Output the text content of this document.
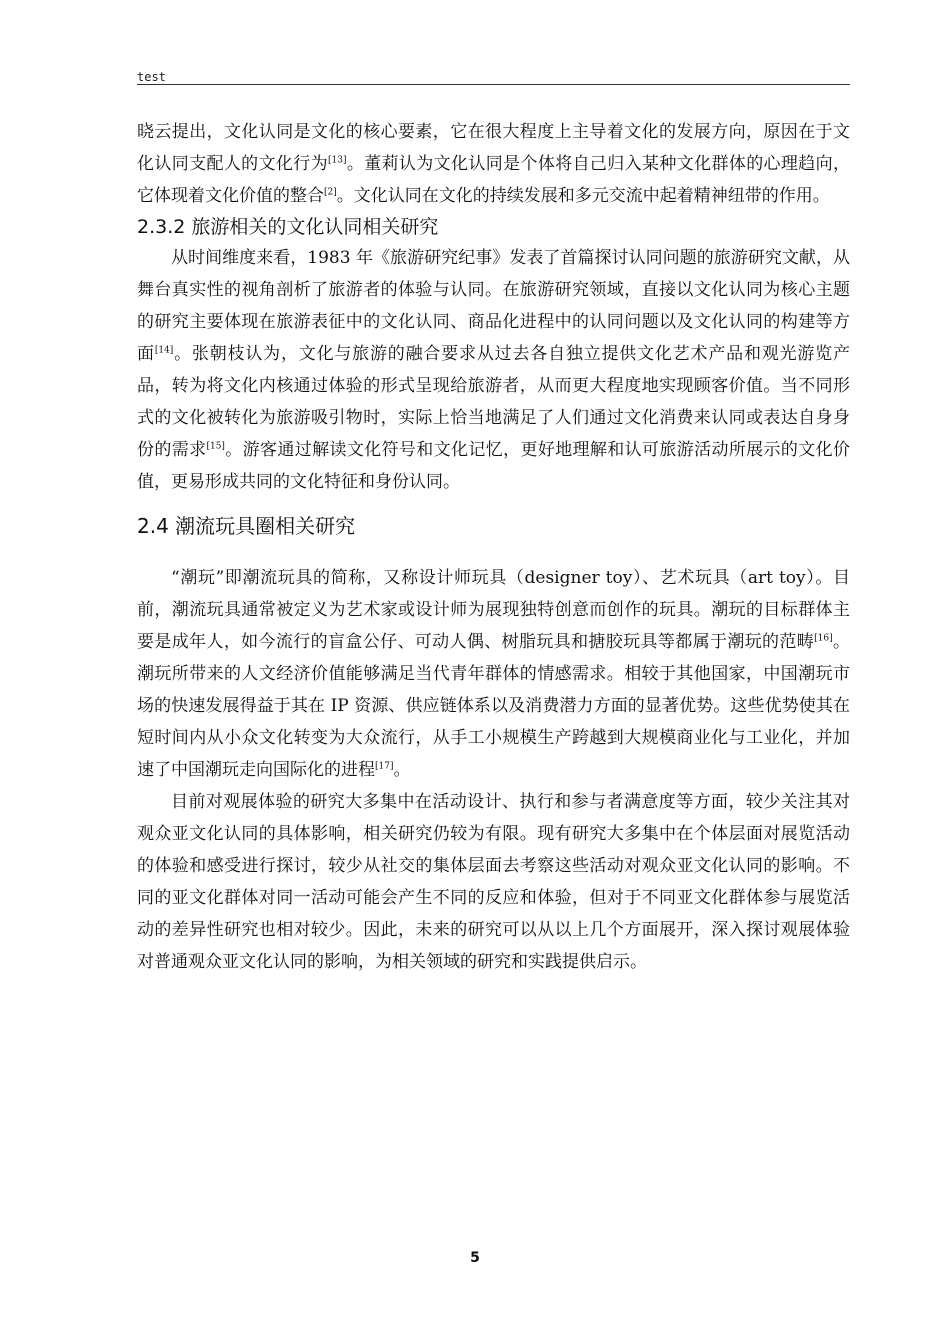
test

晓云提出，文化认同是文化的核心要素，它在很大程度上主导着文化的发展方向，原因在于文化认同支配人的文化行为[13]。董莉认为文化认同是个体将自己归入某种文化群体的心理趋向，它体现着文化价值的整合[2]。文化认同在文化的持续发展和多元交流中起着精神纽带的作用。

2.3.2 旅游相关的文化认同相关研究

从时间维度来看，1983 年《旅游研究纪事》发表了首篇探讨认同问题的旅游研究文献，从舞台真实性的视角剖析了旅游者的体验与认同。在旅游研究领域，直接以文化认同为核心主题的研究主要体现在旅游表征中的文化认同、商品化进程中的认同问题以及文化认同的构建等方面[14]。张朝枝认为，文化与旅游的融合要求从过去各自独立提供文化艺术产品和观光游览产品，转为将文化内核通过体验的形式呈现给旅游者，从而更大程度地实现顾客价值。当不同形式的文化被转化为旅游吸引物时，实际上恰当地满足了人们通过文化消费来认同或表达自身身份的需求[15]。游客通过解读文化符号和文化记忆，更好地理解和认可旅游活动所展示的文化价值，更易形成共同的文化特征和身份认同。

2.4 潮流玩具圈相关研究

“潮玩”即潮流玩具的简称，又称设计师玩具（designer toy）、艺术玩具（art toy）。目前，潮流玩具通常被定义为艺术家或设计师为展现独特创意而创作的玩具。潮玩的目标群体主要是成年人，如今流行的盲盒公仔、可动人偶、树脂玩具和搪胶玩具等都属于潮玩的范畴[16]。潮玩所带来的人文经济价值能够满足当代青年群体的情感需求。相较于其他国家，中国潮玩市场的快速发展得益于其在 IP 资源、供应链体系以及消费潜力方面的显著优势。这些优势使其在短时间内从小众文化转变为大众流行，从手工小规模生产跨越到大规模商业化与工业化，并加速了中国潮玩走向国际化的进程[17]。

目前对观展体验的研究大多集中在活动设计、执行和参与者满意度等方面，较少关注其对观众亚文化认同的具体影响，相关研究仍较为有限。现有研究大多集中在个体层面对展览活动的体验和感受进行探讨，较少从社交的集体层面去考察这些活动对观众亚文化认同的影响。不同的亚文化群体对同一活动可能会产生不同的反应和体验，但对于不同亚文化群体参与展览活动的差异性研究也相对较少。因此，未来的研究可以从以上几个方面展开，深入探讨观展体验对普通观众亚文化认同的影响，为相关领域的研究和实践提供启示。

5
